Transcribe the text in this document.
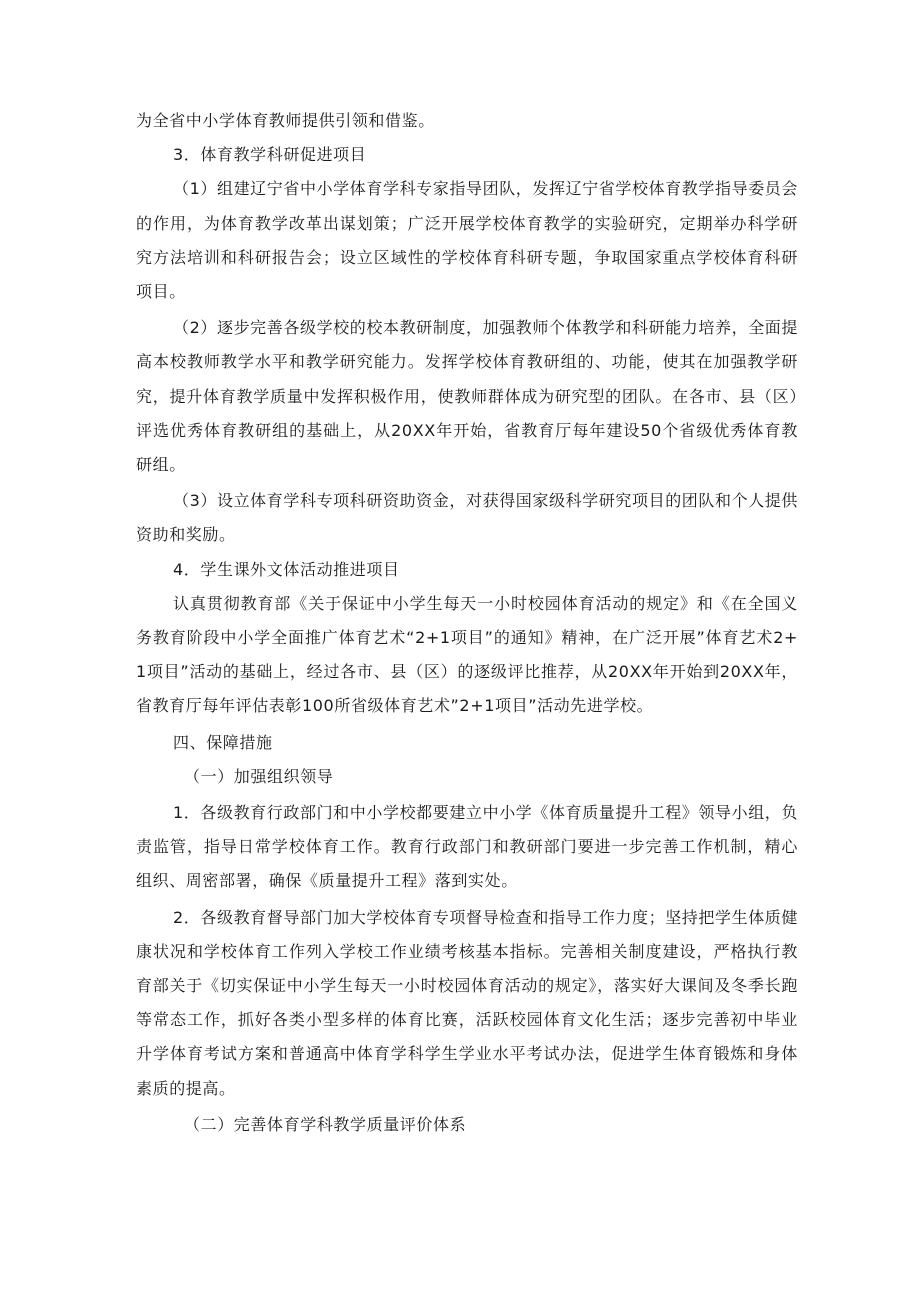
为全省中小学体育教师提供引领和借鉴。

3．体育教学科研促进项目

（1）组建辽宁省中小学体育学科专家指导团队，发挥辽宁省学校体育教学指导委员会的作用，为体育教学改革出谋划策；广泛开展学校体育教学的实验研究，定期举办科学研究方法培训和科研报告会；设立区域性的学校体育科研专题，争取国家重点学校体育科研项目。

（2）逐步完善各级学校的校本教研制度，加强教师个体教学和科研能力培养，全面提高本校教师教学水平和教学研究能力。发挥学校体育教研组的、功能，使其在加强教学研究，提升体育教学质量中发挥积极作用，使教师群体成为研究型的团队。在各市、县（区）评选优秀体育教研组的基础上，从20XX年开始，省教育厅每年建设50个省级优秀体育教研组。

（3）设立体育学科专项科研资助资金，对获得国家级科学研究项目的团队和个人提供资助和奖励。

4．学生课外文体活动推进项目

认真贯彻教育部《关于保证中小学生每天一小时校园体育活动的规定》和《在全国义务教育阶段中小学全面推广体育艺术“2+1项目”的通知》精神，在广泛开展”体育艺术2+1项目”活动的基础上，经过各市、县（区）的逐级评比推荐，从20XX年开始到20XX年，省教育厅每年评估表彰100所省级体育艺术”2+1项目”活动先进学校。

四、保障措施

（一）加强组织领导

1．各级教育行政部门和中小学校都要建立中小学《体育质量提升工程》领导小组，负责监管，指导日常学校体育工作。教育行政部门和教研部门要进一步完善工作机制，精心组织、周密部署，确保《质量提升工程》落到实处。

2．各级教育督导部门加大学校体育专项督导检查和指导工作力度；坚持把学生体质健康状况和学校体育工作列入学校工作业绩考核基本指标。完善相关制度建设，严格执行教育部关于《切实保证中小学生每天一小时校园体育活动的规定》，落实好大课间及冬季长跑等常态工作，抓好各类小型多样的体育比赛，活跃校园体育文化生活；逐步完善初中毕业升学体育考试方案和普通高中体育学科学生学业水平考试办法，促进学生体育锻炼和身体素质的提高。

（二）完善体育学科教学质量评价体系
